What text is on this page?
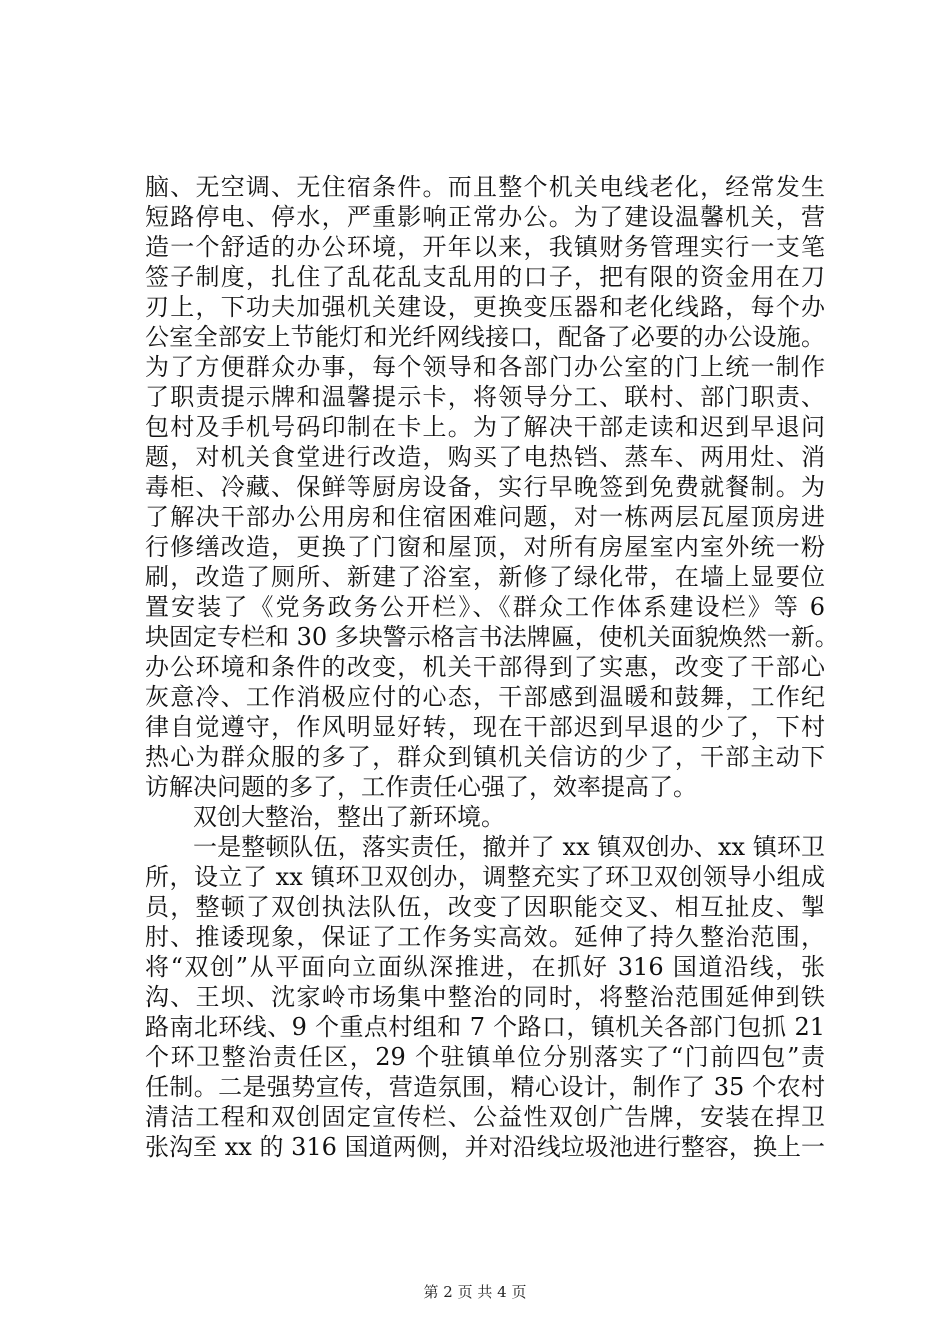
脑、无空调、无住宿条件。而且整个机关电线老化，经常发生
短路停电、停水，严重影响正常办公。为了建设温馨机关，营
造一个舒适的办公环境，开年以来，我镇财务管理实行一支笔
签子制度，扎住了乱花乱支乱用的口子，把有限的资金用在刀
刃上，下功夫加强机关建设，更换变压器和老化线路，每个办
公室全部安上节能灯和光纤网线接口，配备了必要的办公设施。
为了方便群众办事，每个领导和各部门办公室的门上统一制作
了职责提示牌和温馨提示卡，将领导分工、联村、部门职责、
包村及手机号码印制在卡上。为了解决干部走读和迟到早退问
题，对机关食堂进行改造，购买了电热铛、蒸车、两用灶、消
毒柜、冷藏、保鲜等厨房设备，实行早晚签到免费就餐制。为
了解决干部办公用房和住宿困难问题，对一栋两层瓦屋顶房进
行修缮改造，更换了门窗和屋顶，对所有房屋室内室外统一粉
刷，改造了厕所、新建了浴室，新修了绿化带，在墙上显要位
置安装了《党务政务公开栏》、《群众工作体系建设栏》等 6
块固定专栏和 30 多块警示格言书法牌匾，使机关面貌焕然一新。
办公环境和条件的改变，机关干部得到了实惠，改变了干部心
灰意冷、工作消极应付的心态，干部感到温暖和鼓舞，工作纪
律自觉遵守，作风明显好转，现在干部迟到早退的少了，下村
热心为群众服的多了，群众到镇机关信访的少了，干部主动下
访解决问题的多了，工作责任心强了，效率提高了。
双创大整治，整出了新环境。
一是整顿队伍，落实责任，撤并了 xx 镇双创办、xx 镇环卫
所，设立了 xx 镇环卫双创办，调整充实了环卫双创领导小组成
员，整顿了双创执法队伍，改变了因职能交叉、相互扯皮、掣
肘、推诿现象，保证了工作务实高效。延伸了持久整治范围，
将“双创”从平面向立面纵深推进，在抓好 316 国道沿线，张
沟、王坝、沈家岭市场集中整治的同时，将整治范围延伸到铁
路南北环线、9 个重点村组和 7 个路口，镇机关各部门包抓 21
个环卫整治责任区，29 个驻镇单位分别落实了“门前四包”责
任制。二是强势宣传，营造氛围，精心设计，制作了 35 个农村
清洁工程和双创固定宣传栏、公益性双创广告牌，安装在捍卫
张沟至 xx 的 316 国道两侧，并对沿线垃圾池进行整容，换上一
第 2 页 共 4 页
